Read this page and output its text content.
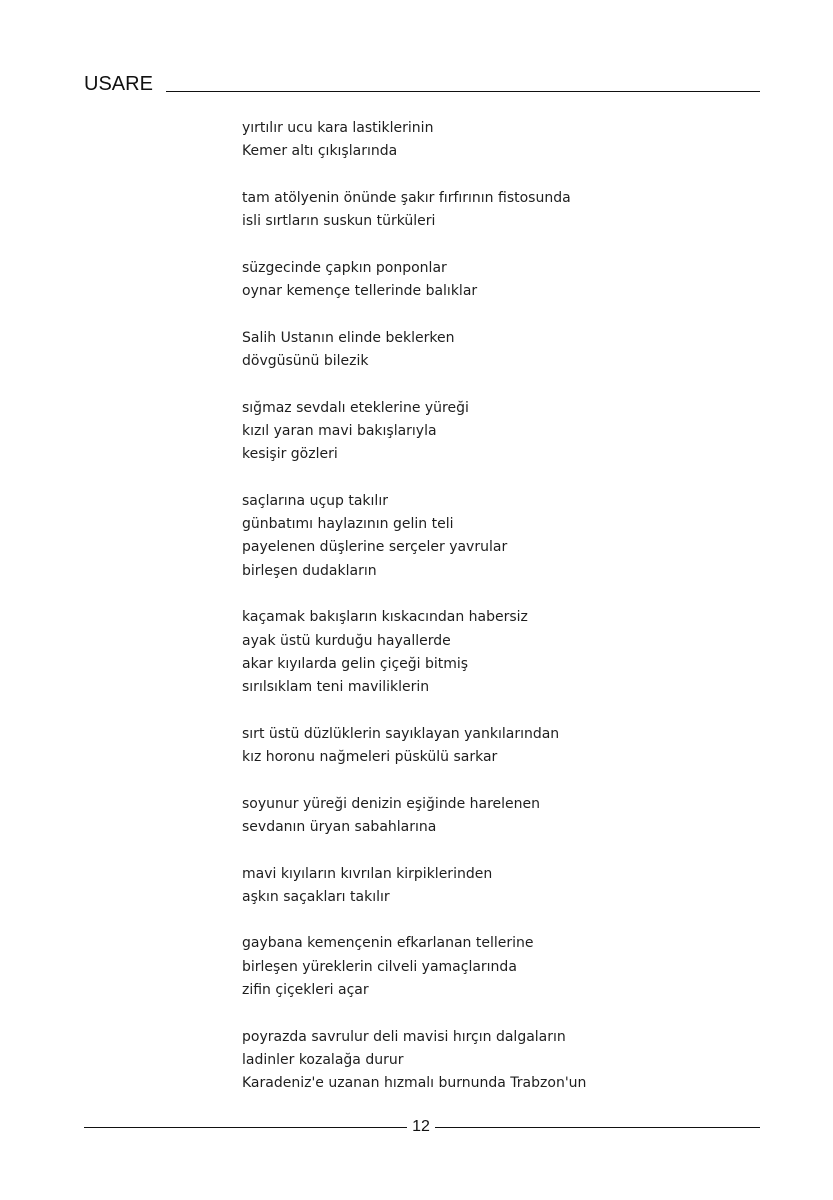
USARE
yırtılır ucu kara lastiklerinin
Kemer altı çıkışlarında
tam atölyenin önünde şakır fırfırının fistosunda
isli sırtların suskun türküleri
süzgecinde çapkın ponponlar
oynar kemençe tellerinde balıklar
Salih Ustanın elinde beklerken
dövgüsünü bilezik
sığmaz sevdalı eteklerine yüreği
kızıl yaran mavi bakışlarıyla
kesişir gözleri
saçlarına uçup takılır
günbatımı haylazının gelin teli
payelenen düşlerine serçeler yavrular
birleşen dudakların
kaçamak bakışların kıskacından habersiz
ayak üstü kurduğu hayallerde
akar kıyılarda gelin çiçeği bitmiş
sırılsıklam teni maviliklerin
sırt üstü düzlüklerin sayıklayan yankılarından
kız horonu nağmeleri püskülü sarkar
soyunur yüreği denizin eşiğinde harelenen
sevdanın üryan sabahlarına
mavi kıyıların kıvrılan kirpiklerinden
aşkın saçakları takılır
gaybana kemençenin efkarlanan tellerine
birleşen yüreklerin cilveli yamaçlarında
zifin çiçekleri açar
poyrazda savrulur deli mavisi hırçın dalgaların
ladinler kozalağa durur
Karadeniz'e uzanan hızmalı burnunda Trabzon'un
12
